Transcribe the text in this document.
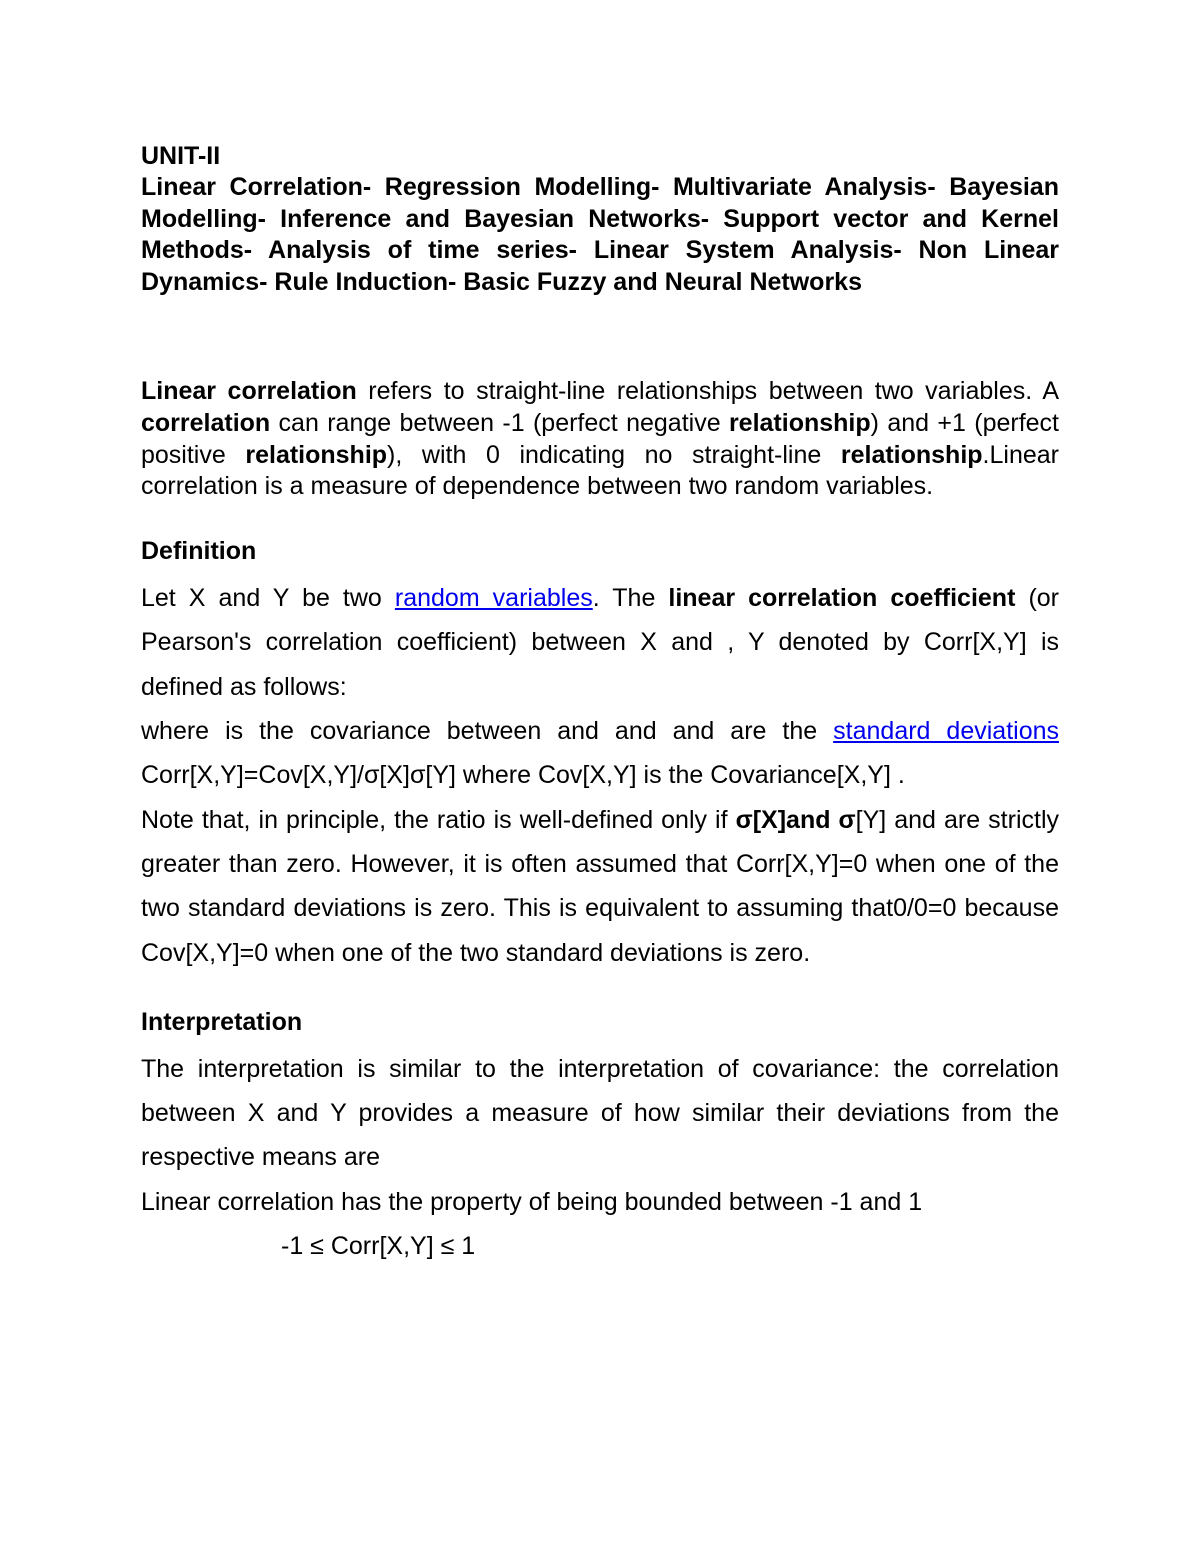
UNIT-II

Linear Correlation- Regression Modelling- Multivariate Analysis- Bayesian Modelling- Inference and Bayesian Networks- Support vector and Kernel Methods- Analysis of time series- Linear System Analysis- Non Linear Dynamics- Rule Induction- Basic Fuzzy and Neural Networks

Linear correlation refers to straight-line relationships between two variables. A correlation can range between -1 (perfect negative relationship) and +1 (perfect positive relationship), with 0 indicating no straight-line relationship.Linear correlation is a measure of dependence between two random variables.

Definition

Let X and Y be two random variables. The linear correlation coefficient (or Pearson's correlation coefficient) between X and , Y denoted by Corr[X,Y] is defined as follows:

where is the covariance between and and and are the standard deviations Corr[X,Y]=Cov[X,Y]/σ[X]σ[Y] where Cov[X,Y] is the Covariance[X,Y] .

Note that, in principle, the ratio is well-defined only if σ[X]and σ[Y] and are strictly greater than zero. However, it is often assumed that Corr[X,Y]=0 when one of the two standard deviations is zero. This is equivalent to assuming that0/0=0 because Cov[X,Y]=0 when one of the two standard deviations is zero.

Interpretation

The interpretation is similar to the interpretation of covariance: the correlation between X and Y provides a measure of how similar their deviations from the respective means are

Linear correlation has the property of being bounded between -1 and 1

-1 ≤ Corr[X,Y] ≤ 1
